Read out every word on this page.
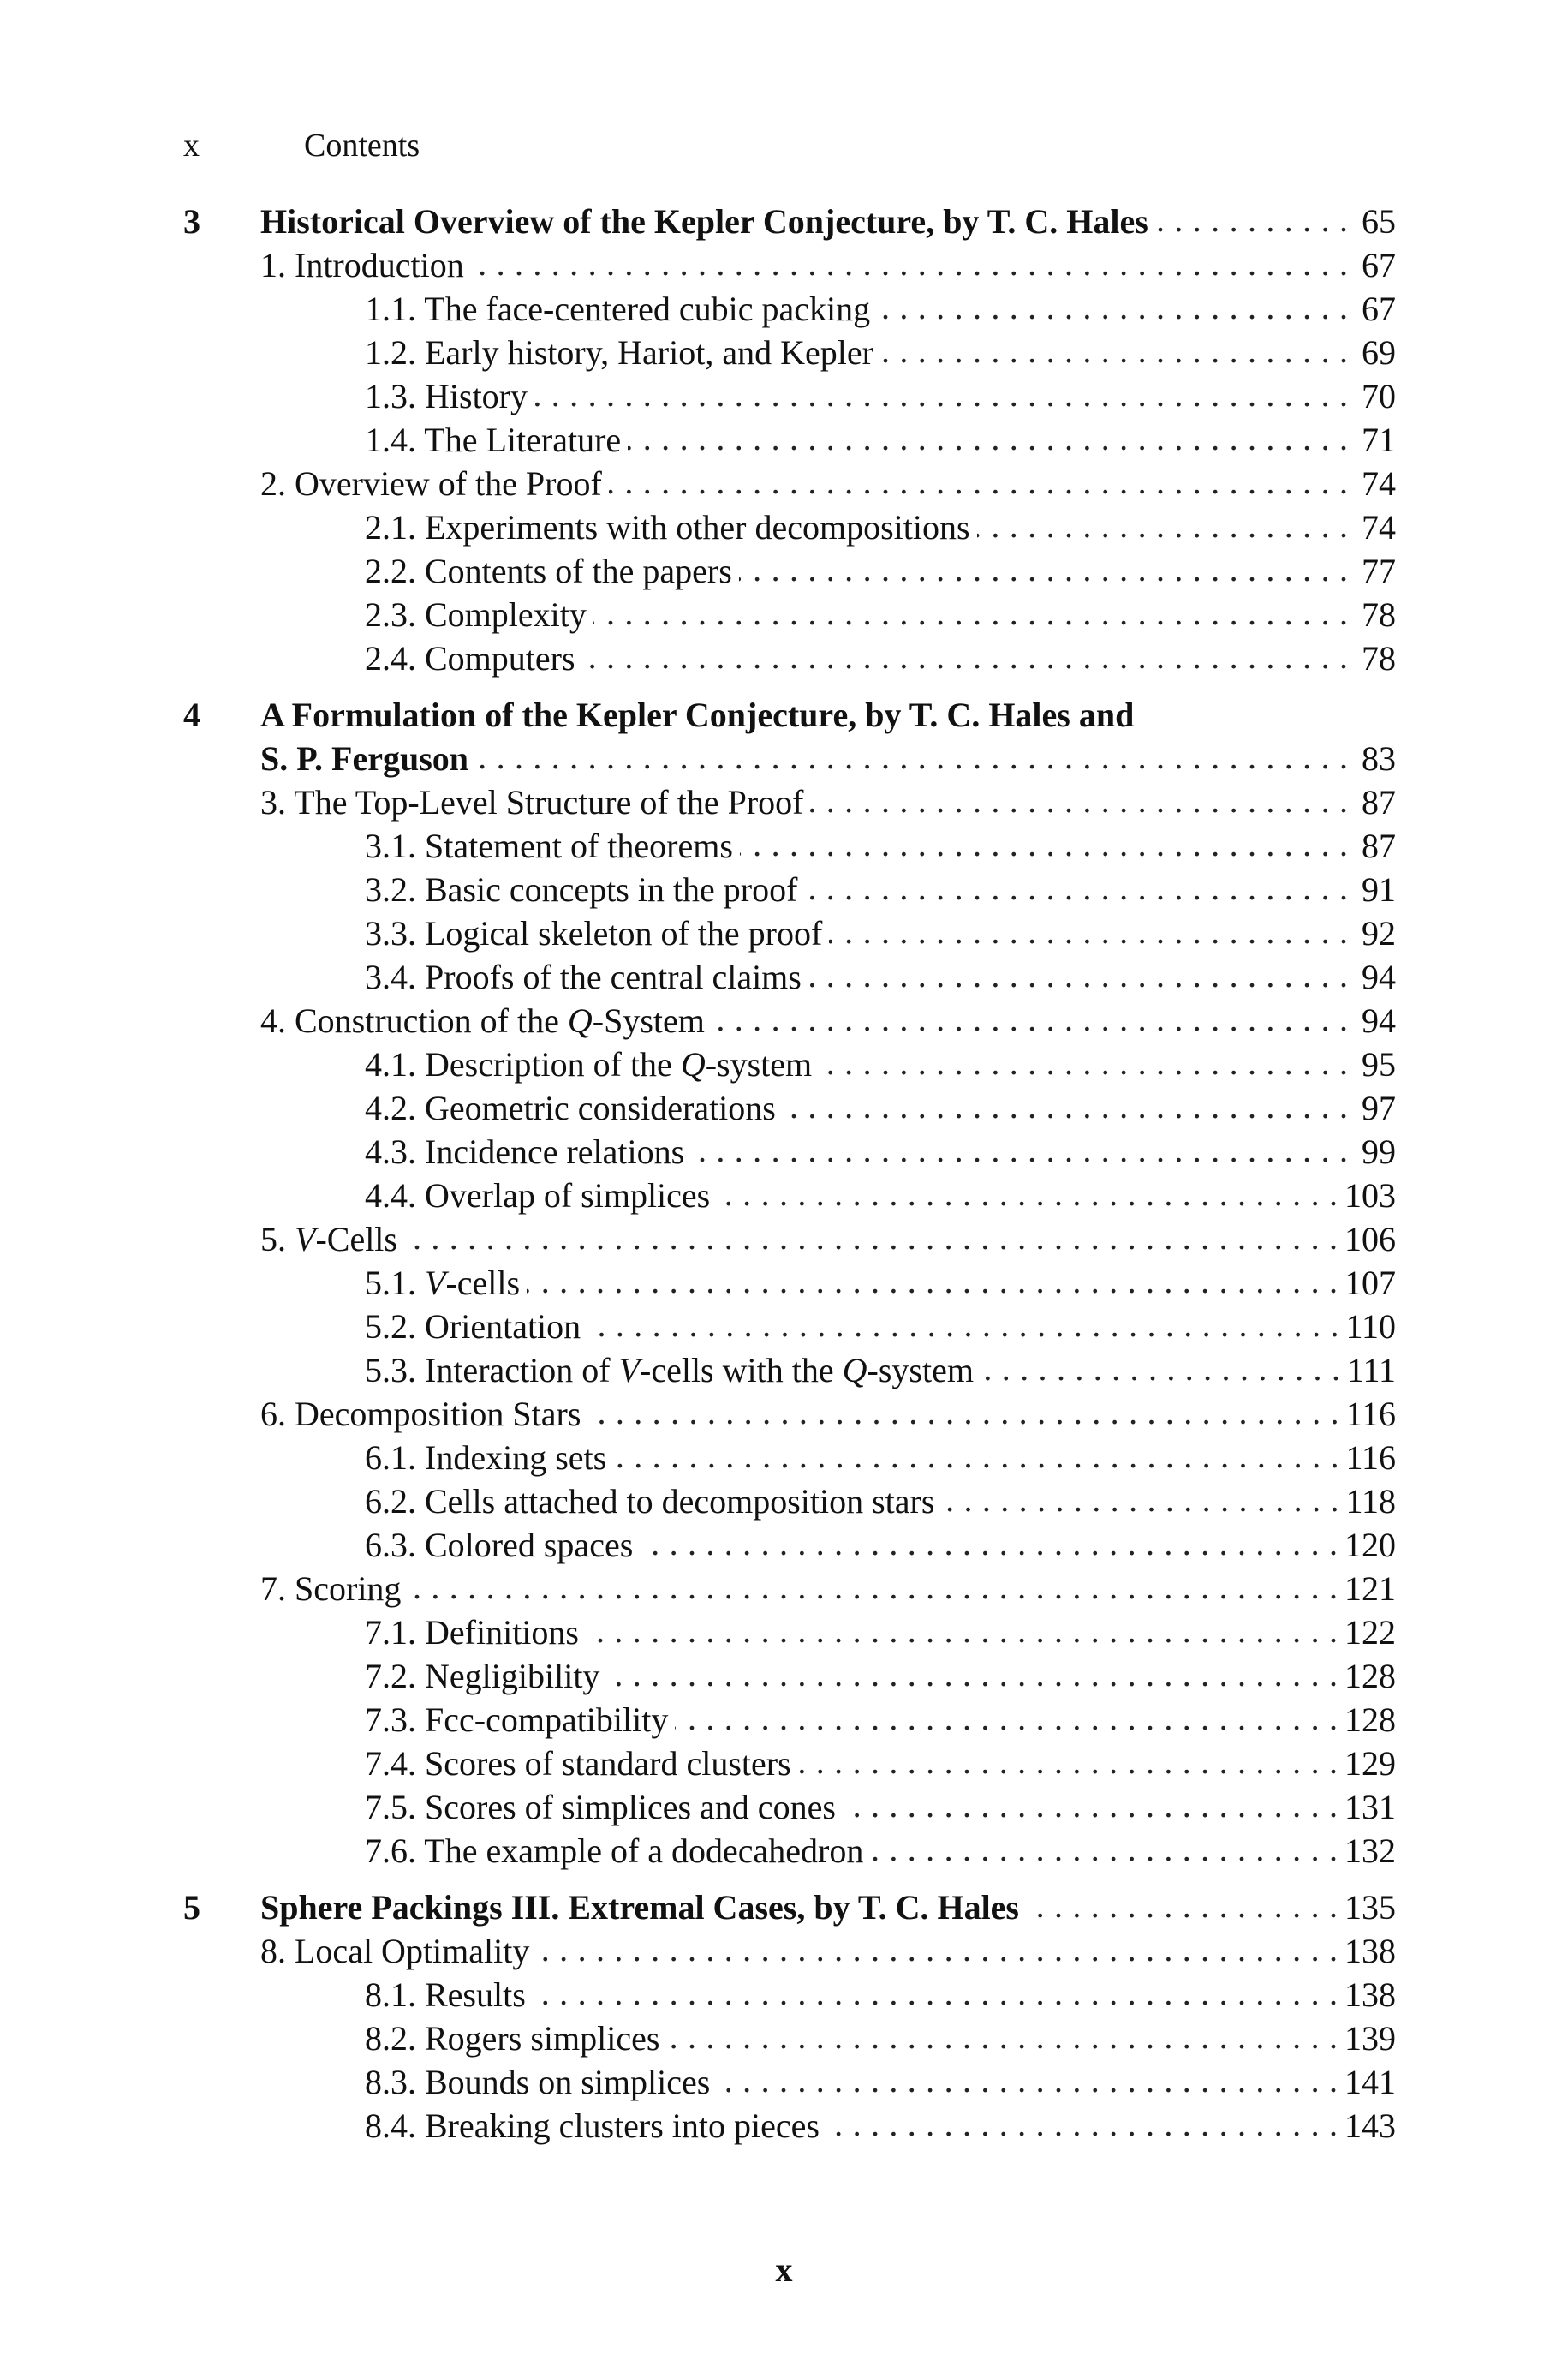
x	Contents
3	Historical Overview of the Kepler Conjecture, by T. C. Hales . . .	65
1. Introduction . . .	67
1.1. The face-centered cubic packing . . .	67
1.2. Early history, Hariot, and Kepler . . .	69
1.3. History . . .	70
1.4. The Literature . . .	71
2. Overview of the Proof . . .	74
2.1. Experiments with other decompositions . . .	74
2.2. Contents of the papers . . .	77
2.3. Complexity . . .	78
2.4. Computers . . .	78
4	A Formulation of the Kepler Conjecture, by T. C. Hales and
S. P. Ferguson . . .	83
3. The Top-Level Structure of the Proof . . .	87
3.1. Statement of theorems . . .	87
3.2. Basic concepts in the proof . . .	91
3.3. Logical skeleton of the proof . . .	92
3.4. Proofs of the central claims . . .	94
4. Construction of the Q-System . . .	94
4.1. Description of the Q-system . . .	95
4.2. Geometric considerations . . .	97
4.3. Incidence relations . . .	99
4.4. Overlap of simplices . . .	103
5. V-Cells . . .	106
5.1. V-cells . . .	107
5.2. Orientation . . .	110
5.3. Interaction of V-cells with the Q-system . . .	111
6. Decomposition Stars . . .	116
6.1. Indexing sets . . .	116
6.2. Cells attached to decomposition stars . . .	118
6.3. Colored spaces . . .	120
7. Scoring . . .	121
7.1. Definitions . . .	122
7.2. Negligibility . . .	128
7.3. Fcc-compatibility . . .	128
7.4. Scores of standard clusters . . .	129
7.5. Scores of simplices and cones . . .	131
7.6. The example of a dodecahedron . . .	132
5	Sphere Packings III. Extremal Cases, by T. C. Hales . . .	135
8. Local Optimality . . .	138
8.1. Results . . .	138
8.2. Rogers simplices . . .	139
8.3. Bounds on simplices . . .	141
8.4. Breaking clusters into pieces . . .	143
x
